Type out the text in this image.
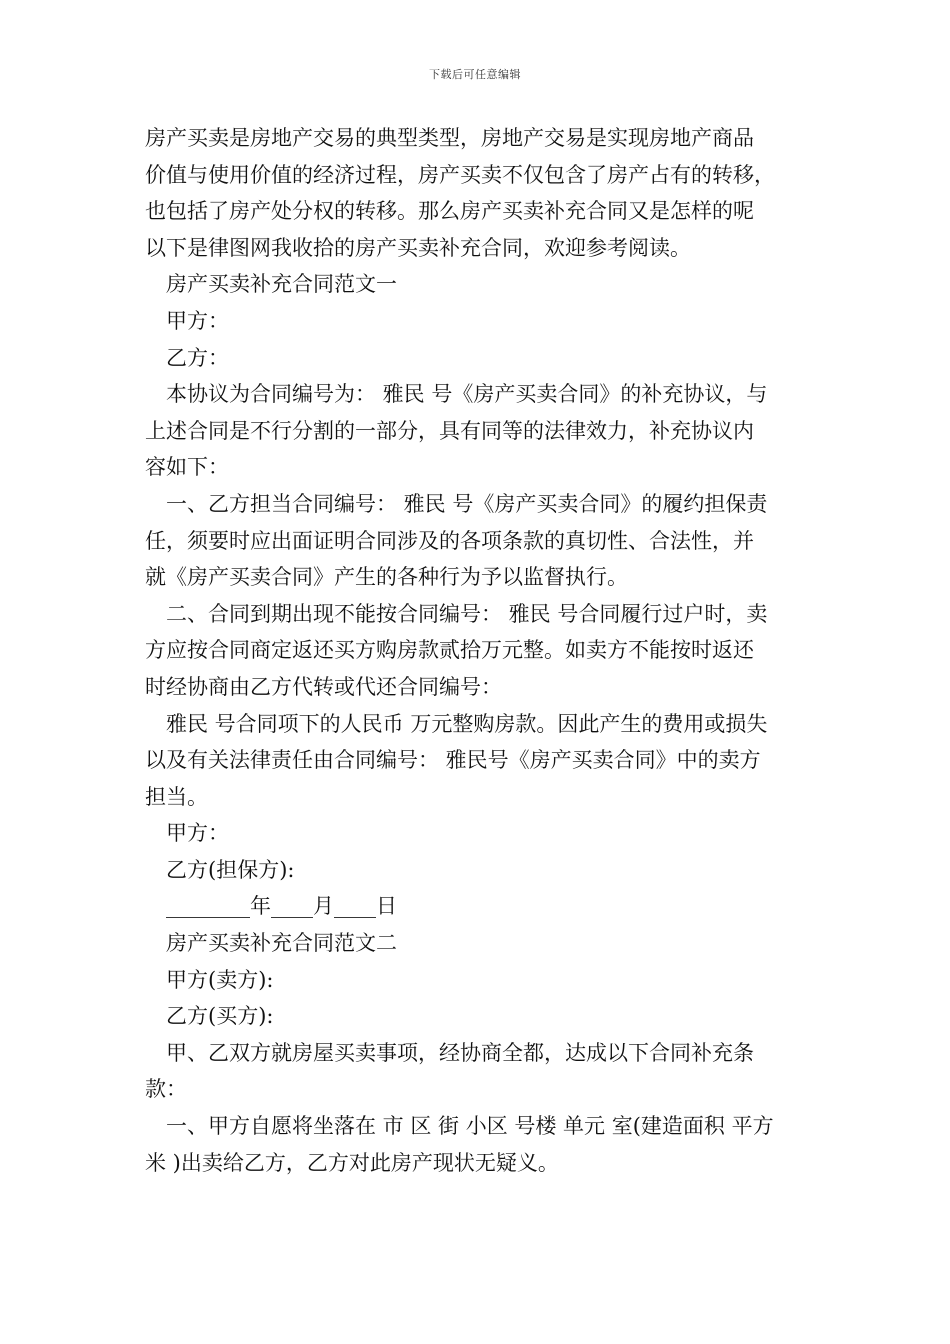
下载后可任意编辑
房产买卖是房地产交易的典型类型，房地产交易是实现房地产商品
价值与使用价值的经济过程，房产买卖不仅包含了房产占有的转移，
也包括了房产处分权的转移。那么房产买卖补充合同又是怎样的呢
以下是律图网我收拾的房产买卖补充合同，欢迎参考阅读。
房产买卖补充合同范文一
甲方：
乙方：
本协议为合同编号为： 雅民 号《房产买卖合同》的补充协议，与
上述合同是不行分割的一部分，具有同等的法律效力，补充协议内
容如下：
一、乙方担当合同编号： 雅民 号《房产买卖合同》的履约担保责
任，须要时应出面证明合同涉及的各项条款的真切性、合法性，并
就《房产买卖合同》产生的各种行为予以监督执行。
二、合同到期出现不能按合同编号： 雅民 号合同履行过户时，卖
方应按合同商定返还买方购房款贰拾万元整。如卖方不能按时返还
时经协商由乙方代转或代还合同编号：
雅民 号合同项下的人民币 万元整购房款。因此产生的费用或损失
以及有关法律责任由合同编号： 雅民号《房产买卖合同》中的卖方
担当。
甲方：
乙方(担保方):
________年____月____日
房产买卖补充合同范文二
甲方(卖方):
乙方(买方):
甲、乙双方就房屋买卖事项，经协商全都，达成以下合同补充条
款：
一、甲方自愿将坐落在 市 区 街 小区 号楼 单元 室(建造面积 平方
米 )出卖给乙方，乙方对此房产现状无疑义。
